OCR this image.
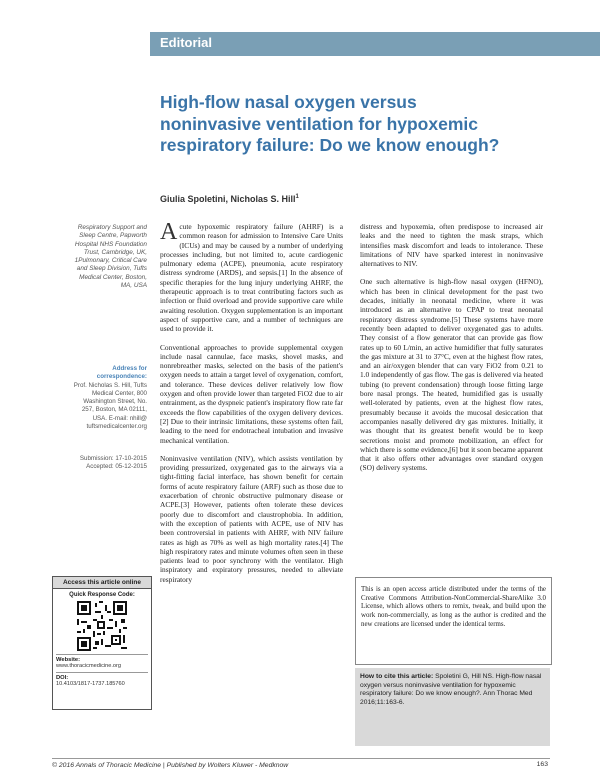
Editorial
High-flow nasal oxygen versus noninvasive ventilation for hypoxemic respiratory failure: Do we know enough?
Giulia Spoletini, Nicholas S. Hill$^1$
Respiratory Support and Sleep Centre, Papworth Hospital NHS Foundation Trust, Cambridge, UK, 1Pulmonary, Critical Care and Sleep Division, Tufts Medical Center, Boston, MA, USA
Address for correspondence:
Prof. Nicholas S. Hill, Tufts Medical Center, 800 Washington Street, No. 257, Boston, MA 02111, USA. E-mail: nhill@ tuftsmedicalcenter.org
Submission: 17-10-2015
Accepted: 05-12-2015
Access this article online
Quick Response Code:
Website:
www.thoracicmedicine.org
DOI:
10.4103/1817-1737.185760

Acute hypoxemic respiratory failure (AHRF) is a common reason for admission to Intensive Care Units (ICUs) and may be caused by a number of underlying processes including, but not limited to, acute cardiogenic pulmonary edema (ACPE), pneumonia, acute respiratory distress syndrome (ARDS), and sepsis.[1] In the absence of specific therapies for the lung injury underlying AHRF, the therapeutic approach is to treat contributing factors such as infection or fluid overload and provide supportive care while awaiting resolution. Oxygen supplementation is an important aspect of supportive care, and a number of techniques are used to provide it.

Conventional approaches to provide supplemental oxygen include nasal cannulae, face masks, shovel masks, and nonrebreather masks, selected on the basis of the patient's oxygen needs to attain a target level of oxygenation, comfort, and tolerance. These devices deliver relatively low flow oxygen and often provide lower than targeted FiO2 due to air entrainment, as the dyspneic patient's inspiratory flow rate far exceeds the flow capabilities of the oxygen delivery devices.[2] Due to their intrinsic limitations, these systems often fail, leading to the need for endotracheal intubation and invasive mechanical ventilation.

Noninvasive ventilation (NIV), which assists ventilation by providing pressurized, oxygenated gas to the airways via a tight-fitting facial interface, has shown benefit for certain forms of acute respiratory failure (ARF) such as those due to exacerbation of chronic obstructive pulmonary disease or ACPE.[3] However, patients often tolerate these devices poorly due to discomfort and claustrophobia. In addition, with the exception of patients with ACPE, use of NIV has been controversial in patients with AHRF, with NIV failure rates as high as 70% as well as high mortality rates.[4] The high respiratory rates and minute volumes often seen in these patients lead to poor synchrony with the ventilator. High inspiratory and expiratory pressures, needed to alleviate respiratory

distress and hypoxemia, often predispose to increased air leaks and the need to tighten the mask straps, which intensifies mask discomfort and leads to intolerance. These limitations of NIV have sparked interest in noninvasive alternatives to NIV.

One such alternative is high-flow nasal oxygen (HFNO), which has been in clinical development for the past two decades, initially in neonatal medicine, where it was introduced as an alternative to CPAP to treat neonatal respiratory distress syndrome.[5] These systems have more recently been adapted to deliver oxygenated gas to adults. They consist of a flow generator that can provide gas flow rates up to 60 L/min, an active humidifier that fully saturates the gas mixture at 31 to 37°C, even at the highest flow rates, and an air/oxygen blender that can vary FiO2 from 0.21 to 1.0 independently of gas flow. The gas is delivered via heated tubing (to prevent condensation) through loose fitting large bore nasal prongs. The heated, humidified gas is usually well-tolerated by patients, even at the highest flow rates, presumably because it avoids the mucosal desiccation that accompanies nasally delivered dry gas mixtures. Initially, it was thought that its greatest benefit would be to keep secretions moist and promote mobilization, an effect for which there is some evidence,[6] but it soon became apparent that it also offers other advantages over standard oxygen (SO) delivery systems.

This is an open access article distributed under the terms of the Creative Commons Attribution-NonCommercial-ShareAlike 3.0 License, which allows others to remix, tweak, and build upon the work non-commercially, as long as the author is credited and the new creations are licensed under the identical terms.

How to cite this article: Spoletini G, Hill NS. High-flow nasal oxygen versus noninvasive ventilation for hypoxemic respiratory failure: Do we know enough?. Ann Thorac Med 2016;11:163-6.

© 2016 Annals of Thoracic Medicine | Published by Wolters Kluwer - Medknow	163
